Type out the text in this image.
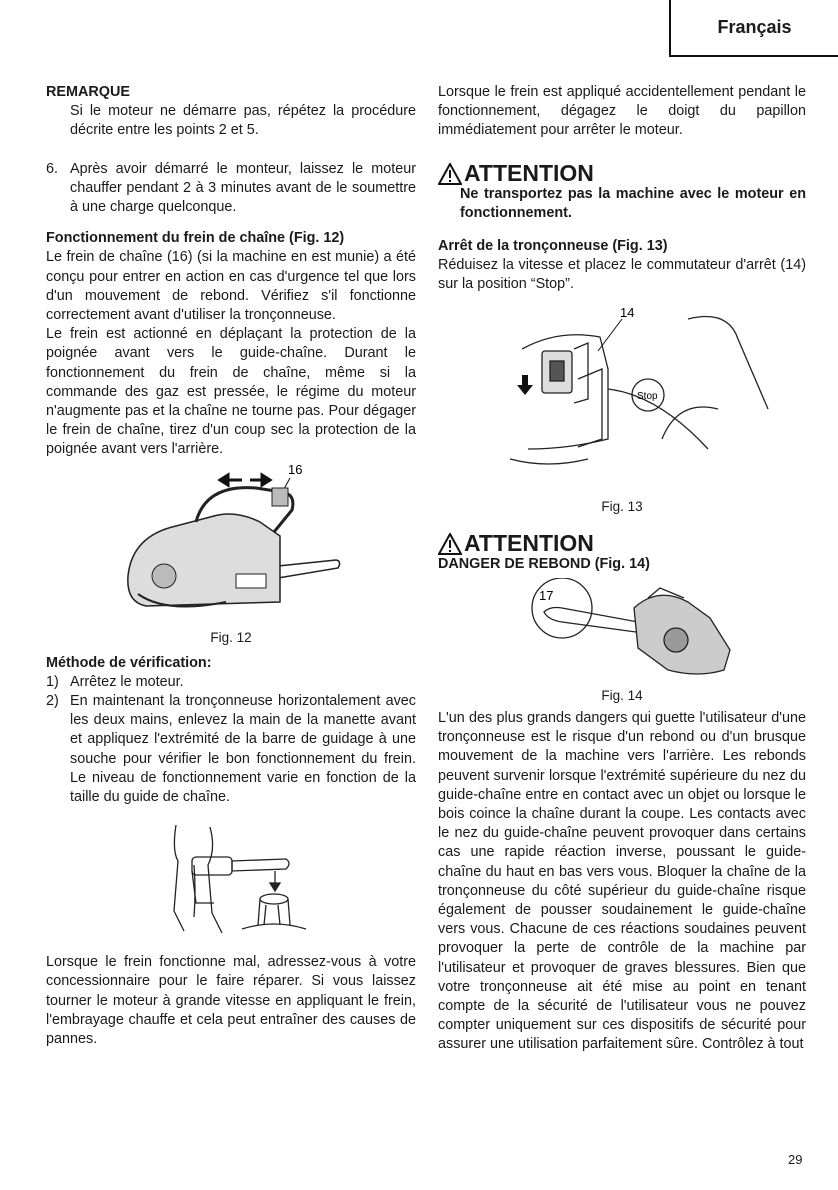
Français

REMARQUE

Si le moteur ne démarre pas, répétez la procédure décrite entre les points 2 et 5.

6. Après avoir démarré le monteur, laissez le moteur chauffer pendant 2 à 3 minutes avant de le soumettre à une charge quelconque.

Fonctionnement du frein de chaîne (Fig. 12)

Le frein de chaîne (16) (si la machine en est munie) a été conçu pour entrer en action en cas d'urgence tel que lors d'un mouvement de rebond. Vérifiez s'il fonctionne correctement avant d'utiliser la tronçonneuse.

Le frein est actionné en déplaçant la protection de la poignée avant vers le guide-chaîne. Durant le fonctionnement du frein de chaîne, même si la commande des gaz est pressée, le régime du moteur n'augmente pas et la chaîne ne tourne pas. Pour dégager le frein de chaîne, tirez d'un coup sec la protection de la poignée avant vers l'arrière.

16
Fig. 12

Méthode de vérification:

1) Arrêtez le moteur.
2) En maintenant la tronçonneuse horizontalement avec les deux mains, enlevez la main de la manette avant et appliquez l'extrémité de la barre de guidage à une souche pour vérifier le bon fonctionnement du frein. Le niveau de fonctionnement varie en fonction de la taille du guide de chaîne.

Lorsque le frein fonctionne mal, adressez-vous à votre concessionnaire pour le faire réparer. Si vous laissez tourner le moteur à grande vitesse en appliquant le frein, l'embrayage chauffe et cela peut entraîner des causes de pannes.

Lorsque le frein est appliqué accidentellement pendant le fonctionnement, dégagez le doigt du papillon immédiatement pour arrêter le moteur.

ATTENTION

Ne transportez pas la machine avec le moteur en fonctionnement.

Arrêt de la tronçonneuse (Fig. 13)

Réduisez la vitesse et placez le commutateur d'arrêt (14) sur la position “Stop”.

14
Stop
Fig. 13
ATTENTION

DANGER DE REBOND (Fig. 14)

17
Fig. 14

L'un des plus grands dangers qui guette l'utilisateur d'une tronçonneuse est le risque d'un rebond ou d'un brusque mouvement de la machine vers l'arrière. Les rebonds peuvent survenir lorsque l'extrémité supérieure du nez du guide-chaîne entre en contact avec un objet ou lorsque le bois coince la chaîne durant la coupe. Les contacts avec le nez du guide-chaîne peuvent provoquer dans certains cas une rapide réaction inverse, poussant le guide-chaîne du haut en bas vers vous. Bloquer la chaîne de la tronçonneuse du côté supérieur du guide-chaîne risque également de pousser soudainement le guide-chaîne vers vous. Chacune de ces réactions soudaines peuvent provoquer la perte de contrôle de la machine par l'utilisateur et provoquer de graves blessures. Bien que votre tronçonneuse ait été mise au point en tenant compte de la sécurité de l'utilisateur vous ne pouvez compter uniquement sur ces dispositifs de sécurité pour assurer une utilisation parfaitement sûre. Contrôlez à tout

29
